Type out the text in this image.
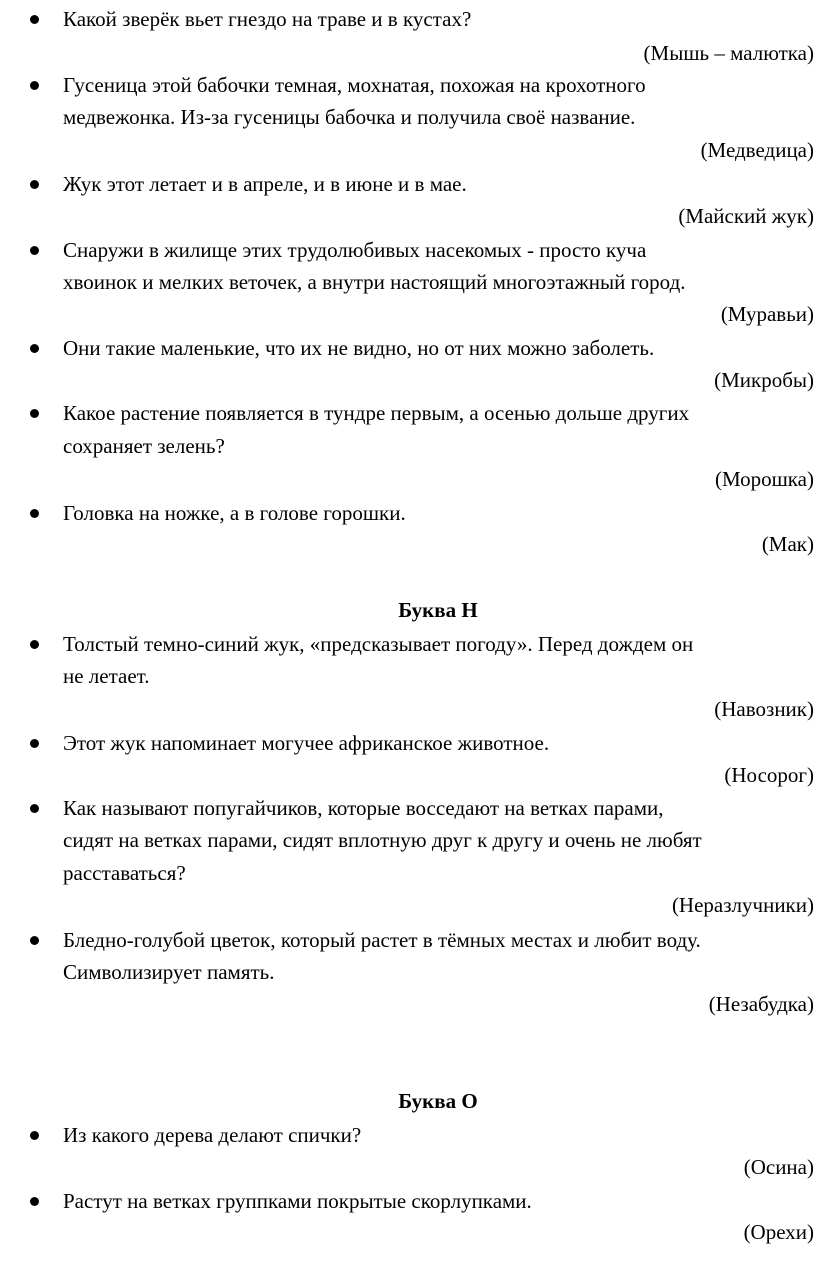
Какой зверёк вьет гнездо на траве и в кустах?
(Мышь – малютка)
Гусеница этой бабочки темная, мохнатая, похожая на крохотного
медвежонка. Из-за гусеницы бабочка и получила своё название.
(Медведица)
Жук этот летает и в апреле, и в июне и в мае.
(Майский жук)
Снаружи в жилище этих трудолюбивых насекомых - просто куча
хвоинок и мелких веточек, а внутри настоящий многоэтажный город.
(Муравьи)
Они такие маленькие, что их не видно, но от них можно заболеть.
(Микробы)
Какое растение появляется в тундре первым, а осенью дольше других
сохраняет зелень?
(Морошка)
Головка на ножке, а в голове горошки.
(Мак)
Буква Н
Толстый темно-синий жук, «предсказывает погоду». Перед дождем он
не летает.
(Навозник)
Этот жук напоминает могучее африканское животное.
(Носорог)
Как называют попугайчиков, которые восседают на ветках парами,
сидят на ветках парами, сидят вплотную друг к другу и очень не любят
расставаться?
(Неразлучники)
Бледно-голубой цветок, который растет в тёмных местах и любит воду.
Символизирует память.
(Незабудка)
Буква О
Из какого дерева делают спички?
(Осина)
Растут на ветках группками покрытые скорлупками.
(Орехи)
